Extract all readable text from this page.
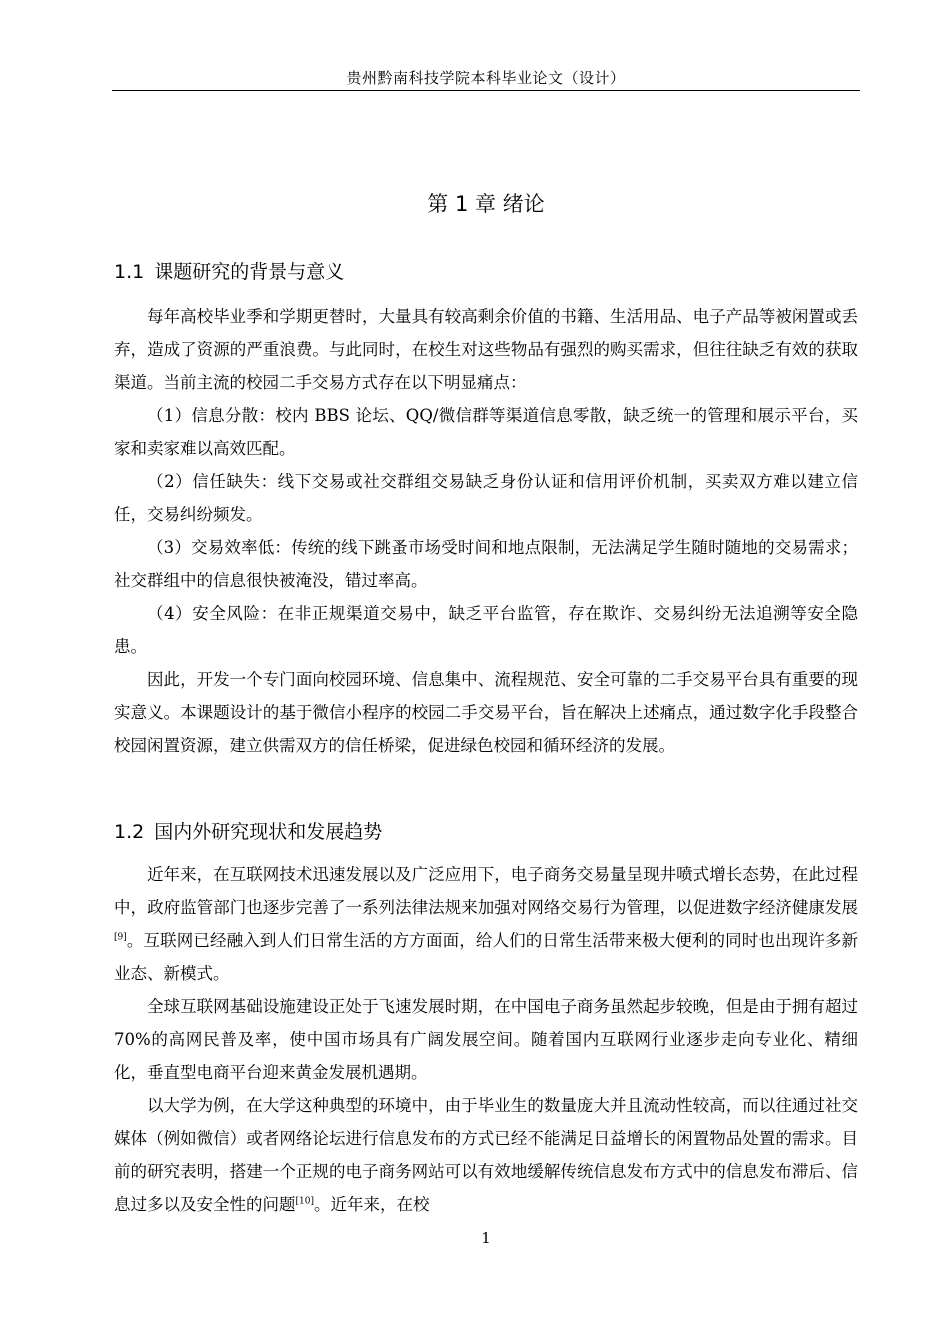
贵州黔南科技学院本科毕业论文（设计）
第 1 章 绪论
1.1 课题研究的背景与意义

每年高校毕业季和学期更替时，大量具有较高剩余价值的书籍、生活用品、电子产品等被闲置或丢弃，造成了资源的严重浪费。与此同时，在校生对这些物品有强烈的购买需求，但往往缺乏有效的获取渠道。当前主流的校园二手交易方式存在以下明显痛点：

（1）信息分散：校内 BBS 论坛、QQ/微信群等渠道信息零散，缺乏统一的管理和展示平台，买家和卖家难以高效匹配。

（2）信任缺失：线下交易或社交群组交易缺乏身份认证和信用评价机制，买卖双方难以建立信任，交易纠纷频发。

（3）交易效率低：传统的线下跳蚤市场受时间和地点限制，无法满足学生随时随地的交易需求；社交群组中的信息很快被淹没，错过率高。

（4）安全风险：在非正规渠道交易中，缺乏平台监管，存在欺诈、交易纠纷无法追溯等安全隐患。

因此，开发一个专门面向校园环境、信息集中、流程规范、安全可靠的二手交易平台具有重要的现实意义。本课题设计的基于微信小程序的校园二手交易平台，旨在解决上述痛点，通过数字化手段整合校园闲置资源，建立供需双方的信任桥梁，促进绿色校园和循环经济的发展。

1.2 国内外研究现状和发展趋势

近年来，在互联网技术迅速发展以及广泛应用下，电子商务交易量呈现井喷式增长态势，在此过程中，政府监管部门也逐步完善了一系列法律法规来加强对网络交易行为管理，以促进数字经济健康发展[9]。互联网已经融入到人们日常生活的方方面面，给人们的日常生活带来极大便利的同时也出现许多新业态、新模式。

全球互联网基础设施建设正处于飞速发展时期，在中国电子商务虽然起步较晚，但是由于拥有超过 70%的高网民普及率，使中国市场具有广阔发展空间。随着国内互联网行业逐步走向专业化、精细化，垂直型电商平台迎来黄金发展机遇期。

以大学为例，在大学这种典型的环境中，由于毕业生的数量庞大并且流动性较高，而以往通过社交媒体（例如微信）或者网络论坛进行信息发布的方式已经不能满足日益增长的闲置物品处置的需求。目前的研究表明，搭建一个正规的电子商务网站可以有效地缓解传统信息发布方式中的信息发布滞后、信息过多以及安全性的问题[10]。近年来，在校

1
